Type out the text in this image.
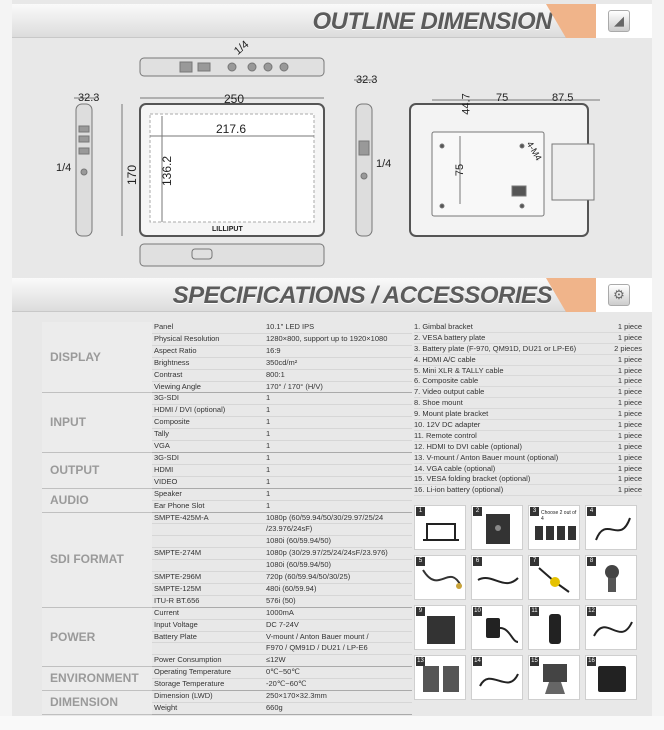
OUTLINE DIMENSION	◢
1/4
32.3
32.3
250
217.6
170 136.2
1/4	1/4
44.7 75	87.5
75
4-M4
LILLIPUT
SPECIFICATIONS / ACCESSORIES	⚙
DISPLAY	Panel	10.1" LED IPS
	Physical Resolution	1280×800, support up to 1920×1080
	Aspect Ratio	16:9
	Brightness	350cd/m²
	Contrast	800:1
	Viewing Angle	170° / 170° (H/V)
INPUT	3G-SDI	1
	HDMI / DVI (optional)	1
	Composite	1
	Tally	1
	VGA	1
OUTPUT	3G-SDI	1
	HDMI	1
	VIDEO	1
AUDIO	Speaker	1
	Ear Phone Slot	1
SDI FORMAT	SMPTE-425M-A	1080p (60/59.94/50/30/29.97/25/24
		/23.976/24sF)
		1080i (60/59.94/50)
	SMPTE-274M	1080p (30/29.97/25/24/24sF/23.976)
		1080i (60/59.94/50)
	SMPTE-296M	720p (60/59.94/50/30/25)
	SMPTE-125M	480i (60/59.94)
	ITU-R BT.656	576i (50)
POWER	Current	1000mA
	Input Voltage	DC 7-24V
	Battery Plate	V-mount / Anton Bauer mount /
		F970 / QM91D / DU21 / LP-E6
	Power Consumption	≤12W
ENVIRONMENT	Operating Temperature	0℃~50℃
	Storage Temperature	-20℃~60℃
DIMENSION	Dimension (LWD)	250×170×32.3mm
	Weight	660g
1. Gimbal bracket	1 piece
2. VESA battery plate	1 piece
3. Battery plate (F-970, QM91D, DU21 or LP-E6)	2 pieces
4. HDMI A/C cable	1 piece
5. Mini XLR & TALLY cable	1 piece
6. Composite cable	1 piece
7. Video output cable	1 piece
8. Shoe mount	1 piece
9. Mount plate bracket	1 piece
10. 12V DC adapter	1 piece
11. Remote control	1 piece
12. HDMI to DVI cable (optional)	1 piece
13. V-mount / Anton Bauer mount (optional)	1 piece
14. VGA cable (optional)	1 piece
15. VESA folding bracket (optional)	1 piece
16. Li-ion battery (optional)	1 piece
1	2	3 Choose 2 out of 4
4
5	6	7	8
9	10	11	12
13	14	15	16
